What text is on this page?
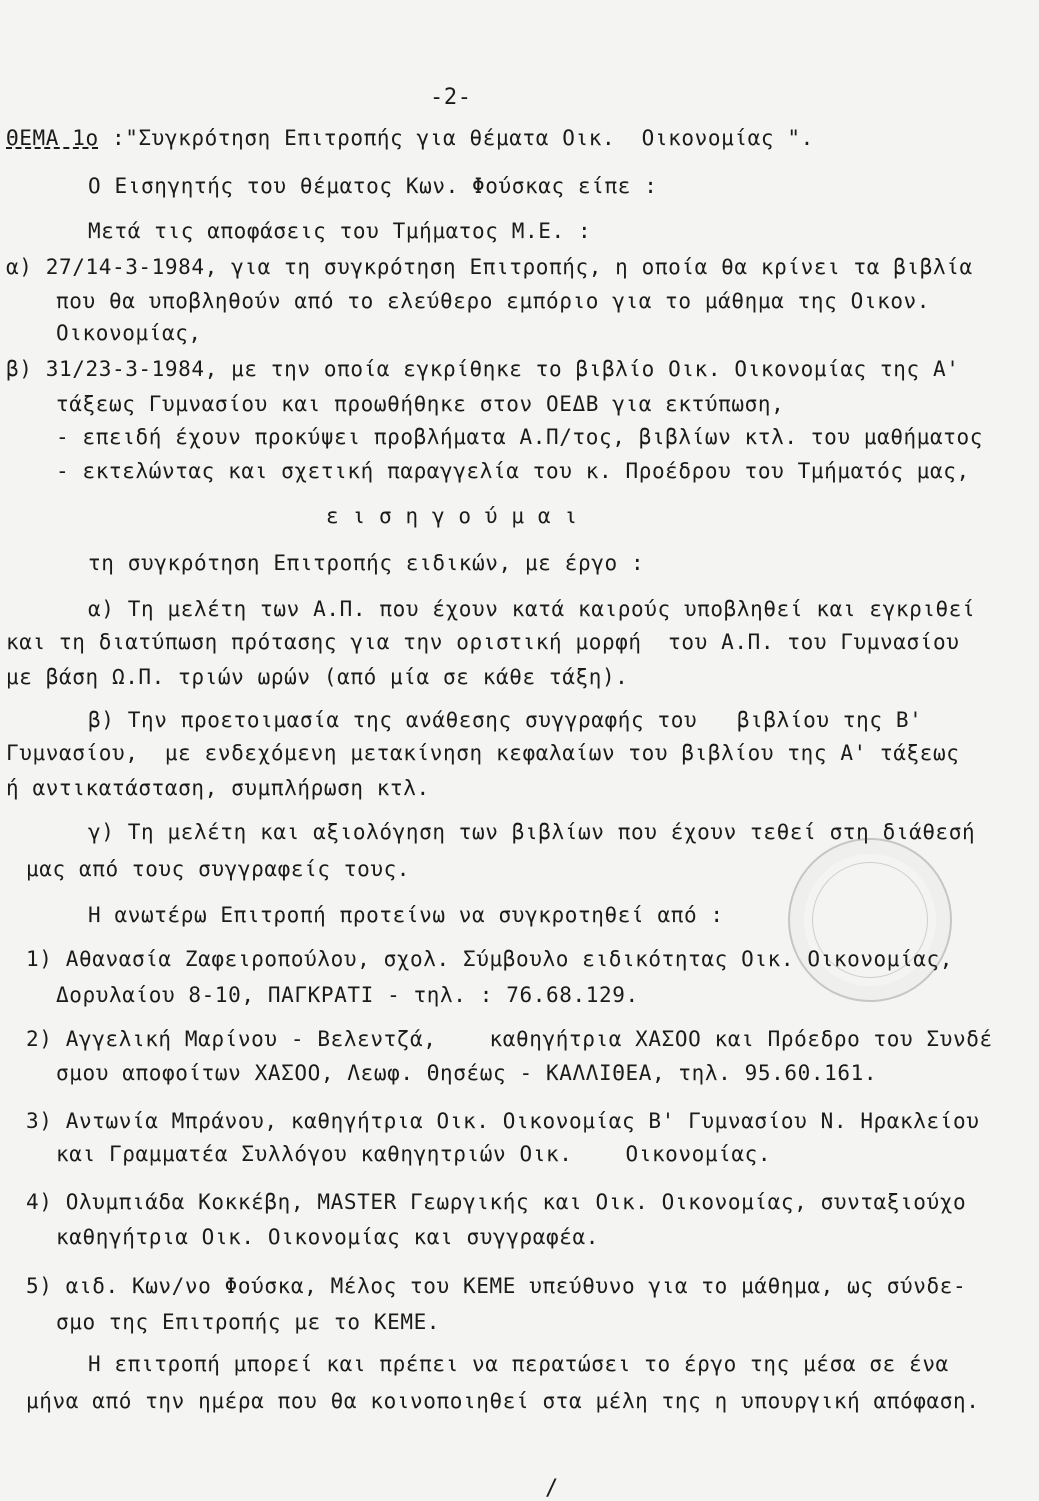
-2-
ΘΕΜΑ 1ο :"Συγκρότηση Επιτροπής για θέματα Οικ.  Οικονομίας ".
Ο Εισηγητής του θέματος Κων. Φούσκας είπε :
Μετά τις αποφάσεις του Τμήματος Μ.Ε. :
α) 27/14-3-1984, για τη συγκρότηση Επιτροπής, η οποία θα κρίνει τα βιβλία
που θα υποβληθούν από το ελεύθερο εμπόριο για το μάθημα της Οικον.
Οικονομίας,
β) 31/23-3-1984, με την οποία εγκρίθηκε το βιβλίο Οικ. Οικονομίας της Α'
τάξεως Γυμνασίου και προωθήθηκε στον ΟΕΔΒ για εκτύπωση,
- επειδή έχουν προκύψει προβλήματα Α.Π/τος, βιβλίων κτλ. του μαθήματος
- εκτελώντας και σχετική παραγγελία του κ. Προέδρου του Τμήματός μας,
ε ι σ η γ ο ύ μ α ι
τη συγκρότηση Επιτροπής ειδικών, με έργο :
α) Τη μελέτη των Α.Π. που έχουν κατά καιρούς υποβληθεί και εγκριθεί
και τη διατύπωση πρότασης για την οριστική μορφή  του Α.Π. του Γυμνασίου
με βάση Ω.Π. τριών ωρών (από μία σε κάθε τάξη).
β) Την προετοιμασία της ανάθεσης συγγραφής του   βιβλίου της Β'
Γυμνασίου,  με ενδεχόμενη μετακίνηση κεφαλαίων του βιβλίου της Α' τάξεως
ή αντικατάσταση, συμπλήρωση κτλ.
γ) Τη μελέτη και αξιολόγηση των βιβλίων που έχουν τεθεί στη διάθεσή
μας από τους συγγραφείς τους.
Η ανωτέρω Επιτροπή προτείνω να συγκροτηθεί από :
1) Αθανασία Ζαφειροπούλου, σχολ. Σύμβουλο ειδικότητας Οικ. Οικονομίας,
Δορυλαίου 8-10, ΠΑΓΚΡΑΤΙ - τηλ. : 76.68.129.
2) Αγγελική Μαρίνου - Βελεντζά,    καθηγήτρια ΧΑΣΟΟ και Πρόεδρο του Συνδέ
σμου αποφοίτων ΧΑΣΟΟ, Λεωφ. Θησέως - ΚΑΛΛΙΘΕΑ, τηλ. 95.60.161.
3) Αντωνία Μπράνου, καθηγήτρια Οικ. Οικονομίας Β' Γυμνασίου Ν. Ηρακλείου
και Γραμματέα Συλλόγου καθηγητριών Οικ.    Οικονομίας.
4) Ολυμπιάδα Κοκκέβη, MASTER Γεωργικής και Οικ. Οικονομίας, συνταξιούχο
καθηγήτρια Οικ. Οικονομίας και συγγραφέα.
5) αιδ. Κων/νο Φούσκα, Μέλος του ΚΕΜΕ υπεύθυνο για το μάθημα, ως σύνδε-
σμο της Επιτροπής με το ΚΕΜΕ.
Η επιτροπή μπορεί και πρέπει να περατώσει το έργο της μέσα σε ένα
μήνα από την ημέρα που θα κοινοποιηθεί στα μέλη της η υπουργική απόφαση.
/
